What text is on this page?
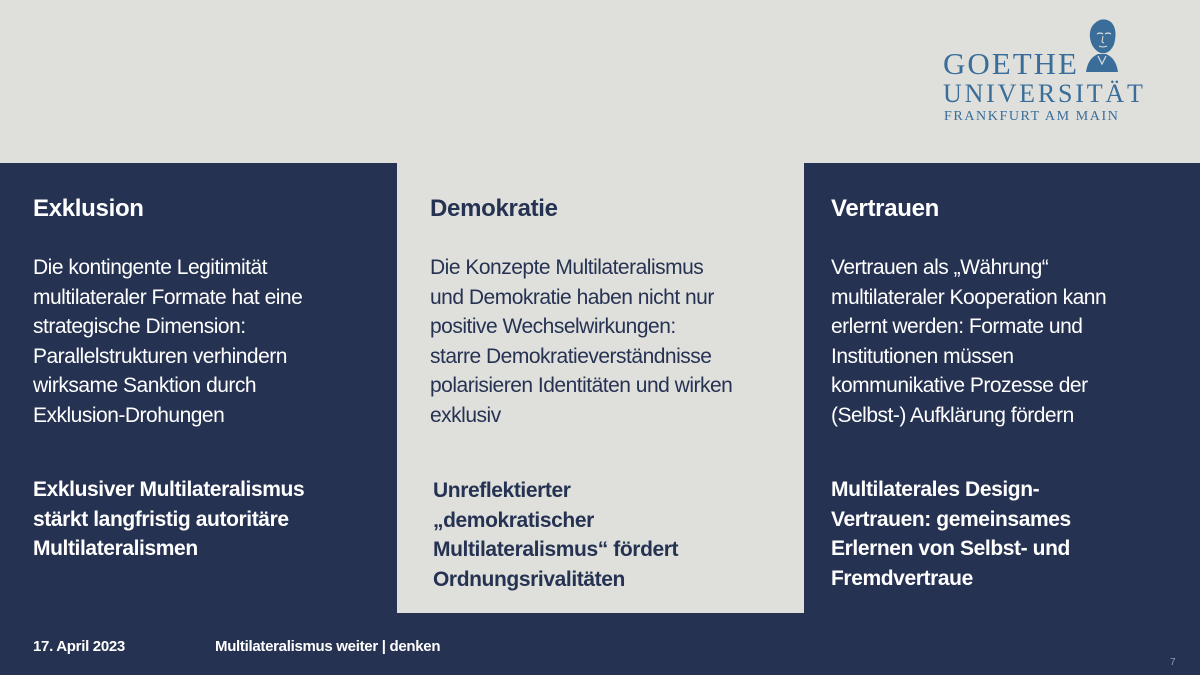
GOETHE
UNIVERSITÄT
FRANKFURT AM MAIN
Exklusion

Die kontingente Legitimität
multilateraler Formate hat eine
strategische Dimension:
Parallelstrukturen verhindern
wirksame Sanktion durch
Exklusion-Drohungen

Exklusiver Multilateralismus
stärkt langfristig autoritäre
Multilateralismen

Demokratie

Die Konzepte Multilateralismus
und Demokratie haben nicht nur
positive Wechselwirkungen:
starre Demokratieverständnisse
polarisieren Identitäten und wirken
exklusiv

Unreflektierter
„demokratischer
Multilateralismus“ fördert
Ordnungsrivalitäten

Vertrauen

Vertrauen als „Währung“
multilateraler Kooperation kann
erlernt werden: Formate und
Institutionen müssen
kommunikative Prozesse der
(Selbst-) Aufklärung fördern

Multilaterales Design-
Vertrauen: gemeinsames
Erlernen von Selbst- und
Fremdvertraue

17. April 2023	Multilateralismus weiter | denken
7
